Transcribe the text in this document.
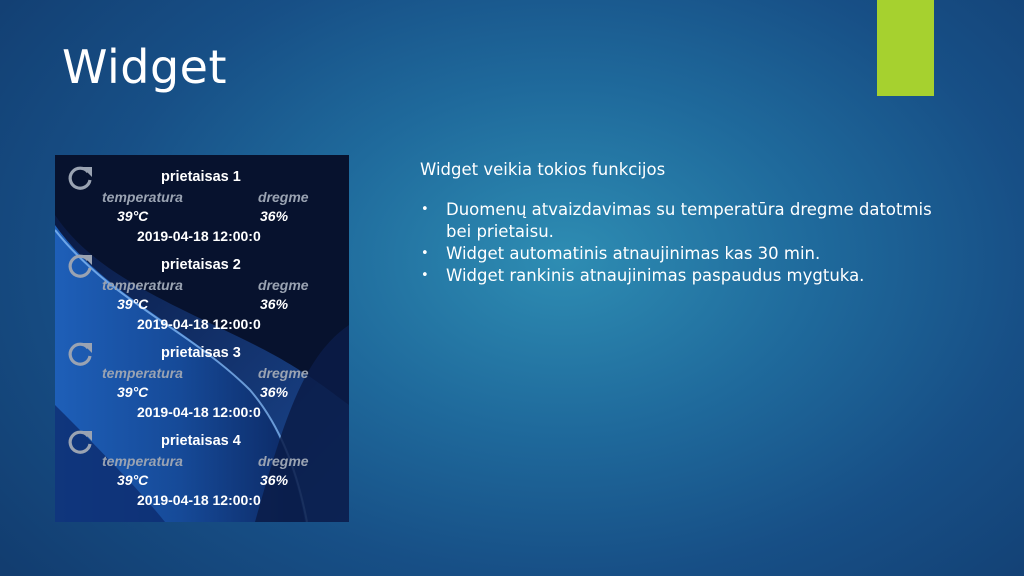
Widget
prietaisas 1
temperatura	dregme
39°C	36%
2019-04-18 12:00:0
prietaisas 2
temperatura	dregme
39°C	36%
2019-04-18 12:00:0
prietaisas 3
temperatura	dregme
39°C	36%
2019-04-18 12:00:0
prietaisas 4
temperatura	dregme
39°C	36%
2019-04-18 12:00:0
Widget veikia tokios funkcijos
• Duomenų atvaizdavimas su temperatūra dregme datotmis bei prietaisu.
• Widget automatinis atnaujinimas kas 30 min.
• Widget rankinis atnaujinimas paspaudus mygtuka.
